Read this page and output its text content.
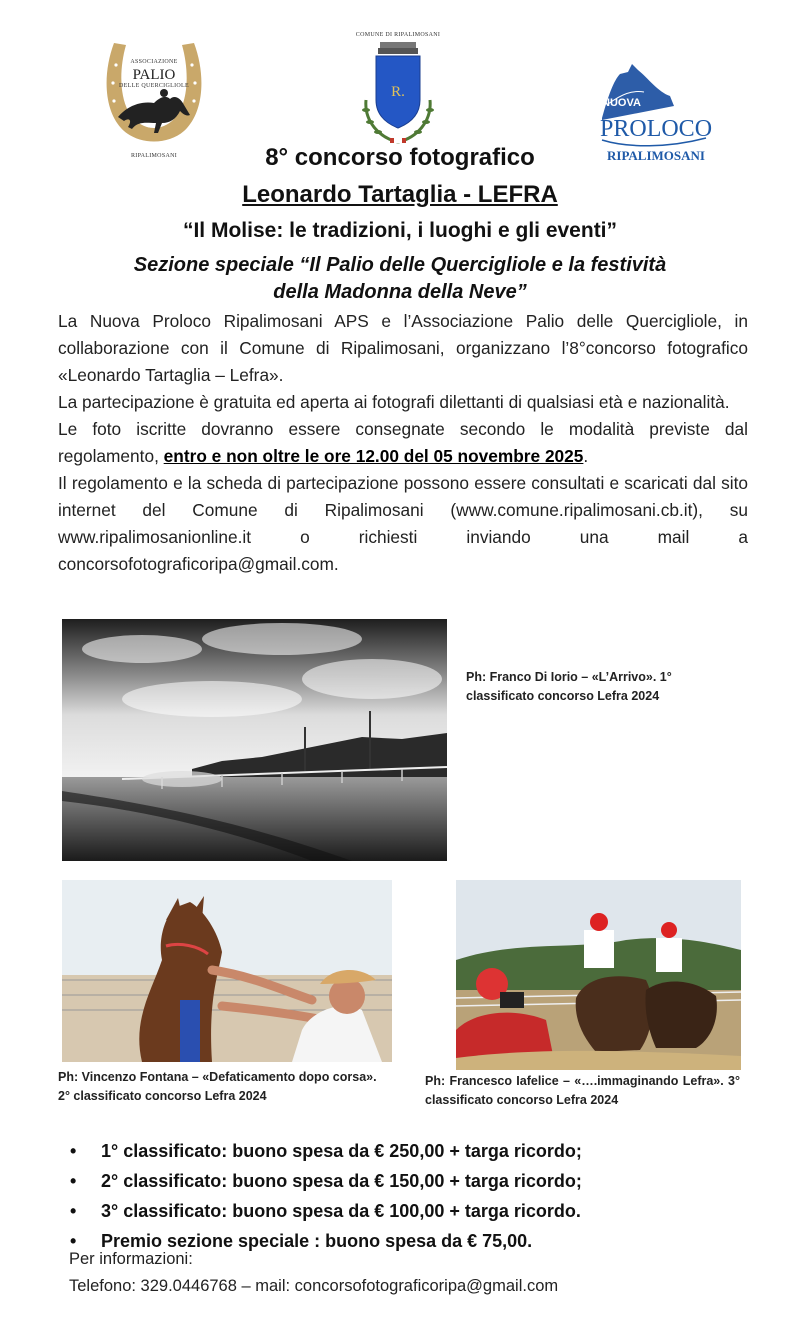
ASSOCIAZIONE
PALIO
DELLE QUERCIGLIOLE
RIPALIMOSANI
COMUNE DI RIPALIMOSANI
R.
NUOVA
PROLOCO
RIPALIMOSANI
8° concorso fotografico
Leonardo Tartaglia - LEFRA
“Il Molise: le tradizioni, i luoghi e gli eventi”
Sezione speciale “Il Palio delle Quercigliole e la festività
della Madonna della Neve”

La Nuova Proloco Ripalimosani APS e l’Associazione Palio delle Quercigliole, in collaborazione con il Comune di Ripalimosani, organizzano l’8°concorso fotografico «Leonardo Tartaglia – Lefra».

La partecipazione è gratuita ed aperta ai fotografi dilettanti di qualsiasi età e nazionalità.

Le foto iscritte dovranno essere consegnate secondo le modalità previste dal regolamento, entro e non oltre le ore 12.00 del 05 novembre 2025.

Il regolamento e la scheda di partecipazione possono essere consultati e scaricati dal sito internet del Comune di Ripalimosani (www.comune.ripalimosani.cb.it), su www.ripalimosanionline.it o richiesti inviando una mail a concorsofotograficoripa@gmail.com.

Ph: Franco Di Iorio – «L’Arrivo». 1° classificato concorso Lefra 2024
Ph: Vincenzo Fontana – «Defaticamento dopo corsa». 2° classificato concorso Lefra 2024
Ph: Francesco Iafelice – «….immaginando Lefra». 3° classificato concorso Lefra 2024
• 1° classificato: buono spesa da € 250,00 + targa ricordo;
• 2° classificato: buono spesa da € 150,00 + targa ricordo;
• 3° classificato: buono spesa da € 100,00 + targa ricordo.
• Premio sezione speciale : buono spesa da € 75,00.
Per informazioni:
Telefono: 329.0446768 – mail: concorsofotograficoripa@gmail.com
